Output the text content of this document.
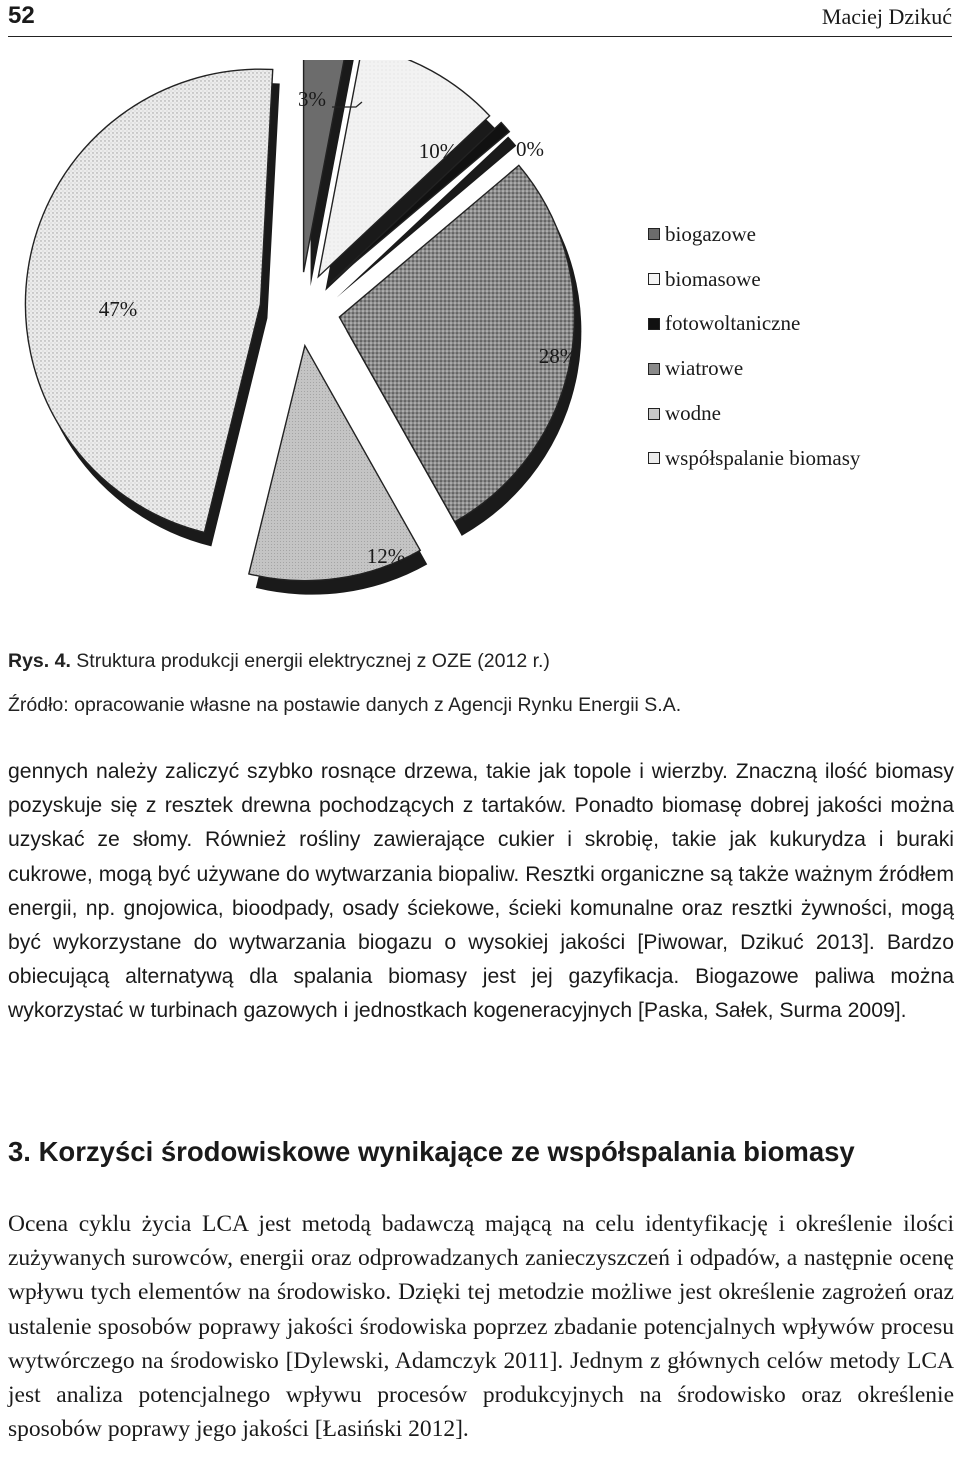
52	Maciej Dzikuć
3%
10%	0%
28%
12%
47%
biogazowe
biomasowe
fotowoltaniczne
wiatrowe
wodne
współspalanie biomasy
Rys. 4. Struktura produkcji energii elektrycznej z OZE (2012 r.)
Źródło: opracowanie własne na postawie danych z Agencji Rynku Energii S.A.

gennych należy zaliczyć szybko rosnące drzewa, takie jak topole i wierzby. Znaczną ilość biomasy pozyskuje się z resztek drewna pochodzących z tartaków. Ponadto biomasę dobrej jakości można uzyskać ze słomy. Również rośliny zawierające cukier i skrobię, takie jak kukurydza i buraki cukrowe, mogą być używane do wytwarzania biopaliw. Resztki organiczne są także ważnym źródłem energii, np. gnojowica, bioodpady, osady ściekowe, ścieki komunalne oraz resztki żywności, mogą być wykorzystane do wytwarzania biogazu o wysokiej jakości [Piwowar, Dzikuć 2013]. Bardzo obiecującą alternatywą dla spalania biomasy jest jej gazyfikacja. Biogazowe paliwa można wykorzystać w turbinach gazowych i jednostkach kogeneracyjnych [Paska, Sałek, Surma 2009].

3. Korzyści środowiskowe wynikające ze współspalania biomasy

Ocena cyklu życia LCA jest metodą badawczą mającą na celu identyfikację i określenie ilości zużywanych surowców, energii oraz odprowadzanych zanieczyszczeń i odpadów, a następnie ocenę wpływu tych elementów na środowisko. Dzięki tej metodzie możliwe jest określenie zagrożeń oraz ustalenie sposobów poprawy jakości środowiska poprzez zbadanie potencjalnych wpływów procesu wytwórczego na środowisko [Dylewski, Adamczyk 2011]. Jednym z głównych celów metody LCA jest analiza potencjalnego wpływu procesów produkcyjnych na środowisko oraz określenie sposobów poprawy jego jakości [Łasiński 2012].
